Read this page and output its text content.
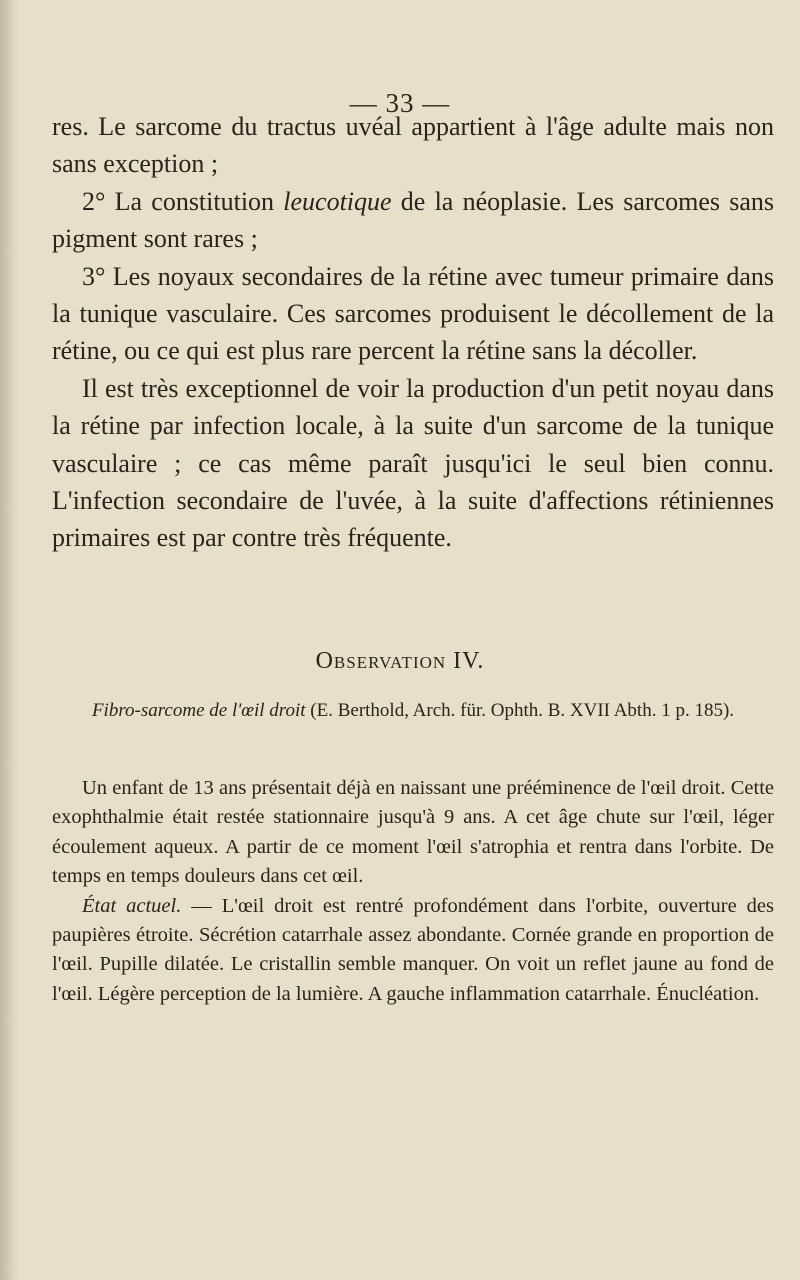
— 33 —

res. Le sarcome du tractus uvéal appartient à l'âge adulte mais non sans exception ;

2° La constitution leucotique de la néoplasie. Les sarcomes sans pigment sont rares ;

3° Les noyaux secondaires de la rétine avec tumeur primaire dans la tunique vasculaire. Ces sarcomes produisent le décollement de la rétine, ou ce qui est plus rare percent la rétine sans la décoller.

Il est très exceptionnel de voir la production d'un petit noyau dans la rétine par infection locale, à la suite d'un sarcome de la tunique vasculaire ; ce cas même paraît jusqu'ici le seul bien connu. L'infection secondaire de l'uvée, à la suite d'affections rétiniennes primaires est par contre très fréquente.

Observation IV.
Fibro-sarcome de l'œil droit (E. Berthold, Arch. für. Ophth. B. XVII Abth. 1 p. 185).

Un enfant de 13 ans présentait déjà en naissant une prééminence de l'œil droit. Cette exophthalmie était restée stationnaire jusqu'à 9 ans. A cet âge chute sur l'œil, léger écoulement aqueux. A partir de ce moment l'œil s'atrophia et rentra dans l'orbite. De temps en temps douleurs dans cet œil.

État actuel. — L'œil droit est rentré profondément dans l'orbite, ouverture des paupières étroite. Sécrétion catarrhale assez abondante. Cornée grande en proportion de l'œil. Pupille dilatée. Le cristallin semble manquer. On voit un reflet jaune au fond de l'œil. Légère perception de la lumière. A gauche inflammation catarrhale. Énucléation.
